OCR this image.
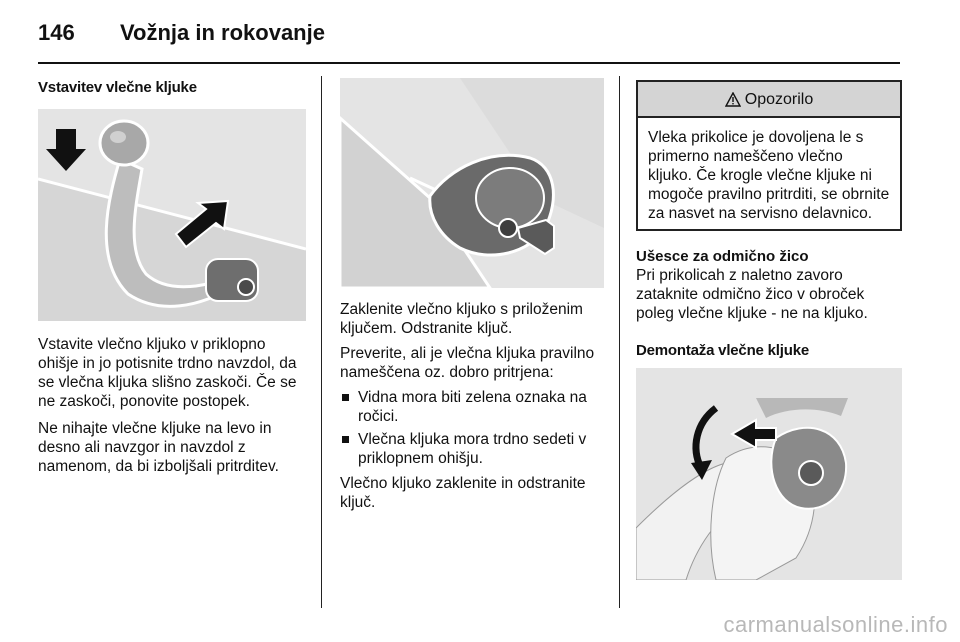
146 Vožnja in rokovanje
Vstavitev vlečne kljuke
Vstavite vlečno kljuko v priklopno ohišje in jo potisnite trdno navzdol, da se vlečna kljuka slišno zaskoči. Če se ne zaskoči, ponovite postopek.
Ne nihajte vlečne kljuke na levo in desno ali navzgor in navzdol z namenom, da bi izboljšali pritrditev.
Zaklenite vlečno kljuko s priloženim ključem. Odstranite ključ.
Preverite, ali je vlečna kljuka pravilno nameščena oz. dobro pritrjena:
Vidna mora biti zelena oznaka na ročici.
Vlečna kljuka mora trdno sedeti v priklopnem ohišju.
Vlečno kljuko zaklenite in odstranite ključ.
Opozorilo
Vleka prikolice je dovoljena le s primerno nameščeno vlečno kljuko. Če krogle vlečne kljuke ni mogoče pravilno pritrditi, se obrnite za nasvet na servisno delavnico.
Ušesce za odmično žico
Pri prikolicah z naletno zavoro zataknite odmično žico v obroček poleg vlečne kljuke - ne na kljuko.
Demontaža vlečne kljuke
carmanualsonline.info
